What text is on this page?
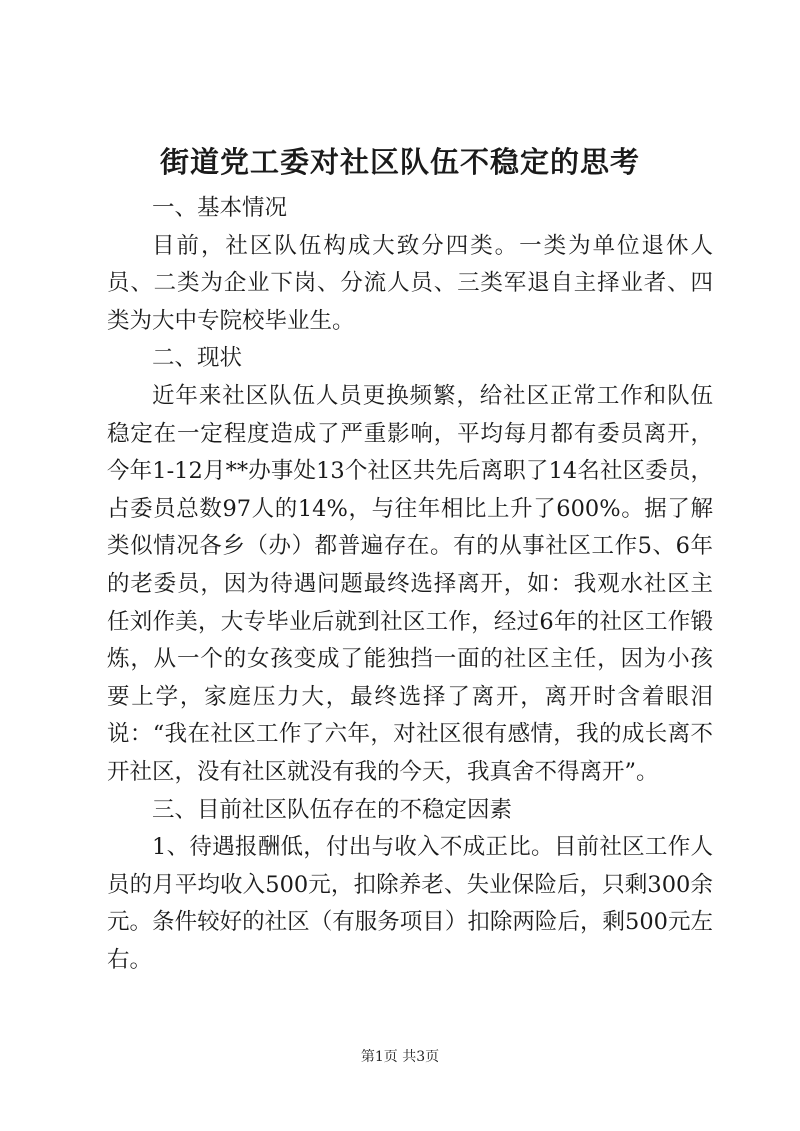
街道党工委对社区队伍不稳定的思考

一、基本情况

目前，社区队伍构成大致分四类。一类为单位退休人员、二类为企业下岗、分流人员、三类军退自主择业者、四类为大中专院校毕业生。

二、现状

近年来社区队伍人员更换频繁，给社区正常工作和队伍稳定在一定程度造成了严重影响，平均每月都有委员离开，今年1-12月**办事处13个社区共先后离职了14名社区委员，占委员总数97人的14%，与往年相比上升了600%。据了解类似情况各乡（办）都普遍存在。有的从事社区工作5、6年的老委员，因为待遇问题最终选择离开，如：我观水社区主任刘作美，大专毕业后就到社区工作，经过6年的社区工作锻炼，从一个的女孩变成了能独挡一面的社区主任，因为小孩要上学，家庭压力大，最终选择了离开，离开时含着眼泪说：“我在社区工作了六年，对社区很有感情，我的成长离不开社区，没有社区就没有我的今天，我真舍不得离开”。

三、目前社区队伍存在的不稳定因素

1、待遇报酬低，付出与收入不成正比。目前社区工作人员的月平均收入500元，扣除养老、失业保险后，只剩300余元。条件较好的社区（有服务项目）扣除两险后，剩500元左右。

第1页 共3页
